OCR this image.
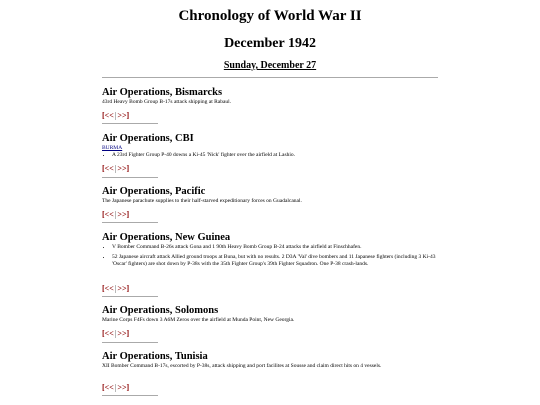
Chronology of World War II
December 1942
Sunday, December 27
Air Operations, Bismarcks

43rd Heavy Bomb Group B-17s attack shipping at Rabaul.

[<<|>>]
Air Operations, CBI
BURMA
• A 23rd Fighter Group P-40 downs a Ki-45 'Nick' fighter over the airfield at Lashio.
[<<|>>]
Air Operations, Pacific

The Japanese parachute supplies to their half-starved expeditionary forces on Guadalcanal.

[<<|>>]
Air Operations, New Guinea
• V Bomber Command B-26s attack Gona and 1 90th Heavy Bomb Group B-24 attacks the airfield at Finschhafen.
• 52 Japanese aircraft attack Allied ground troops at Buna, but with no results. 2 D3A 'Val' dive bombers and 11 Japanese fighters (including 3 Ki-43 'Oscar' fighters) are shot down by P-38s with the 35th Fighter Group's 39th Fighter Squadron. One P-38 crash-lands.
[<<|>>]
Air Operations, Solomons

Marine Corps F4Fs down 3 A6M Zeros over the airfield at Munda Point, New Georgia.

[<<|>>]
Air Operations, Tunisia

XII Bomber Command B-17s, escorted by P-38s, attack shipping and port facilites at Sousse and claim direct hits on 4 vessels.

[<<|>>]
